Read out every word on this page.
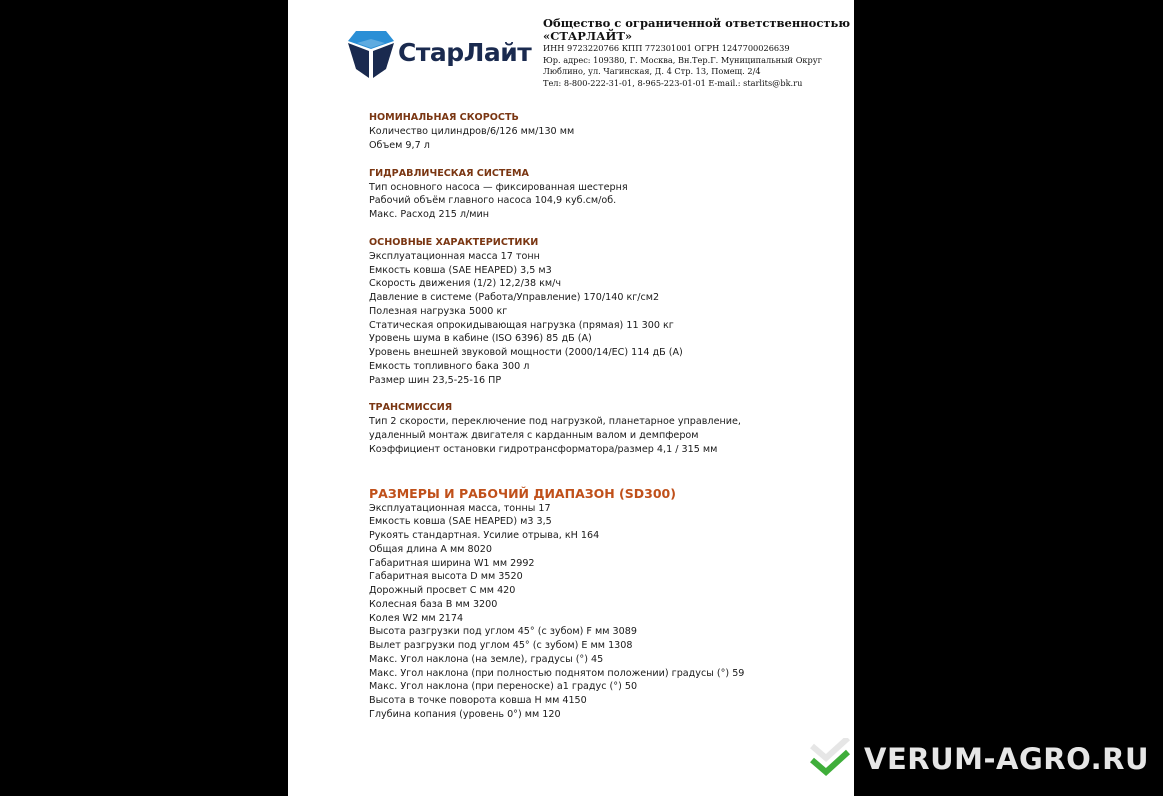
СтарЛайт
Общество с ограниченной ответственностью
«СТАРЛАЙТ»
ИНН 9723220766 КПП 772301001 ОГРН 1247700026639
Юр. адрес: 109380, Г. Москва, Вн.Тер.Г. Муниципальный Округ
Люблино, ул. Чагинская, Д. 4 Стр. 13, Помещ. 2/4
Тел: 8-800-222-31-01, 8-965-223-01-01 E-mail.: starlits@bk.ru
НОМИНАЛЬНАЯ СКОРОСТЬ
Количество цилиндров/6/126 мм/130 мм
Объем 9,7 л
ГИДРАВЛИЧЕСКАЯ СИСТЕМА
Тип основного насоса — фиксированная шестерня
Рабочий объём главного насоса 104,9 куб.см/об.
Макс. Расход 215 л/мин
ОСНОВНЫЕ ХАРАКТЕРИСТИКИ
Эксплуатационная масса 17 тонн
Емкость ковша (SAE HEAPED) 3,5 м3
Скорость движения (1/2) 12,2/38 км/ч
Давление в системе (Работа/Управление) 170/140 кг/см2
Полезная нагрузка 5000 кг
Статическая опрокидывающая нагрузка (прямая) 11 300 кг
Уровень шума в кабине (ISO 6396) 85 дБ (A)
Уровень внешней звуковой мощности (2000/14/EC) 114 дБ (A)
Емкость топливного бака 300 л
Размер шин 23,5-25-16 ПР
ТРАНСМИССИЯ
Тип 2 скорости, переключение под нагрузкой, планетарное управление, удаленный монтаж двигателя с карданным валом и демпфером
Коэффициент остановки гидротрансформатора/размер 4,1 / 315 мм
РАЗМЕРЫ И РАБОЧИЙ ДИАПАЗОН (SD300)
Эксплуатационная масса, тонны 17
Емкость ковша (SAE HEAPED) м3 3,5
Рукоять стандартная. Усилие отрыва, кН 164
Общая длина A мм 8020
Габаритная ширина W1 мм 2992
Габаритная высота D мм 3520
Дорожный просвет C мм 420
Колесная база B мм 3200
Колея W2 мм 2174
Высота разгрузки под углом 45° (с зубом) F мм 3089
Вылет разгрузки под углом 45° (с зубом) E мм 1308
Макс. Угол наклона (на земле), градусы (°) 45
Макс. Угол наклона (при полностью поднятом положении) градусы (°) 59
Макс. Угол наклона (при переноске) a1 градус (°) 50
Высота в точке поворота ковша H мм 4150
Глубина копания (уровень 0°) мм 120
VERUM-AGRO.RU
